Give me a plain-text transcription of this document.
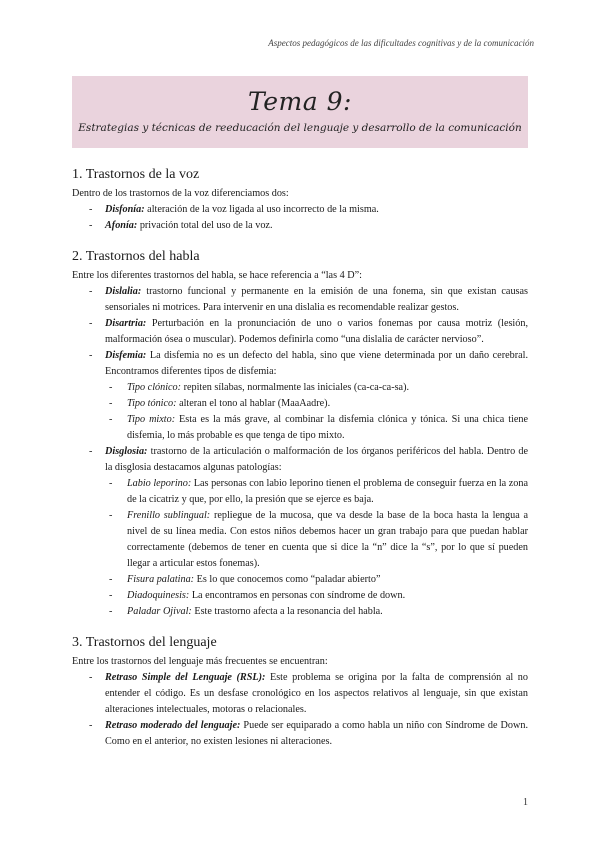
Aspectos pedagógicos de las dificultades cognitivas y de la comunicación
Tema 9:
Estrategias y técnicas de reeducación del lenguaje y desarrollo de la comunicación
1. Trastornos de la voz
Dentro de los trastornos de la voz diferenciamos dos:
- Disfonía: alteración de la voz ligada al uso incorrecto de la misma.
- Afonía: privación total del uso de la voz.
2. Trastornos del habla
Entre los diferentes trastornos del habla, se hace referencia a “las 4 D”:
- Dislalia: trastorno funcional y permanente en la emisión de una fonema, sin que existan causas sensoriales ni motrices. Para intervenir en una dislalia es recomendable realizar gestos.
- Disartria: Perturbación en la pronunciación de uno o varios fonemas por causa motriz (lesión, malformación ósea o muscular). Podemos definirla como “una dislalia de carácter nervioso”.
- Disfemia: La disfemia no es un defecto del habla, sino que viene determinada por un daño cerebral. Encontramos diferentes tipos de disfemia:
- Tipo clónico: repiten sílabas, normalmente las iniciales (ca-ca-ca-sa).
- Tipo tónico: alteran el tono al hablar (MaaAadre).
- Tipo mixto: Esta es la más grave, al combinar la disfemia clónica y tónica. Si una chica tiene disfemia, lo más probable es que tenga de tipo mixto.
- Disglosia: trastorno de la articulación o malformación de los órganos periféricos del habla. Dentro de la disglosia destacamos algunas patologías:
- Labio leporino: Las personas con labio leporino tienen el problema de conseguir fuerza en la zona de la cicatriz y que, por ello, la presión que se ejerce es baja.
- Frenillo sublingual: repliegue de la mucosa, que va desde la base de la boca hasta la lengua a nivel de su línea media. Con estos niños debemos hacer un gran trabajo para que puedan hablar correctamente (debemos de tener en cuenta que si dice la “n” dice la “s”, por lo que sí pueden llegar a articular estos fonemas).
- Fisura palatina: Es lo que conocemos como “paladar abierto”
- Diadoquinesis: La encontramos en personas con síndrome de down.
- Paladar Ojival: Este trastorno afecta a la resonancia del habla.
3. Trastornos del lenguaje
Entre los trastornos del lenguaje más frecuentes se encuentran:
- Retraso Simple del Lenguaje (RSL): Este problema se origina por la falta de comprensión al no entender el código. Es un desfase cronológico en los aspectos relativos al lenguaje, sin que existan alteraciones intelectuales, motoras o relacionales.
- Retraso moderado del lenguaje: Puede ser equiparado a como habla un niño con Síndrome de Down. Como en el anterior, no existen lesiones ni alteraciones.
1
